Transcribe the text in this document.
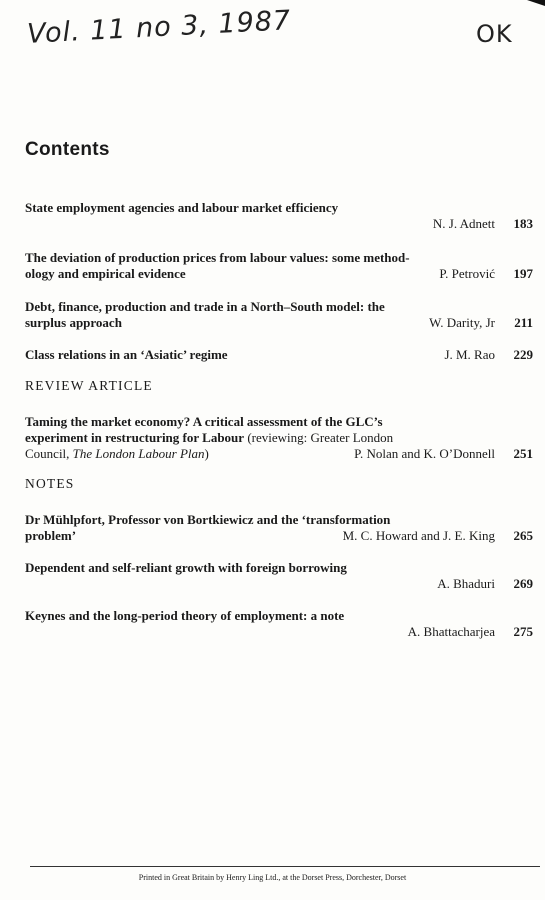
Vol. 11 no 3, 1987	OK
Contents
State employment agencies and labour market efficiency
N. J. Adnett	183
The deviation of production prices from labour values: some method-
ology and empirical evidence	P. Petrović	197
Debt, finance, production and trade in a North–South model: the
surplus approach	W. Darity, Jr	211
Class relations in an ‘Asiatic’ regime	J. M. Rao	229
REVIEW ARTICLE
Taming the market economy? A critical assessment of the GLC’s
experiment in restructuring for Labour (reviewing: Greater London
Council, The London Labour Plan)	P. Nolan and K. O’Donnell	251
NOTES
Dr Mühlpfort, Professor von Bortkiewicz and the ‘transformation
problem’	M. C. Howard and J. E. King	265
Dependent and self-reliant growth with foreign borrowing
A. Bhaduri	269
Keynes and the long-period theory of employment: a note
A. Bhattacharjea	275
Printed in Great Britain by Henry Ling Ltd., at the Dorset Press, Dorchester, Dorset
